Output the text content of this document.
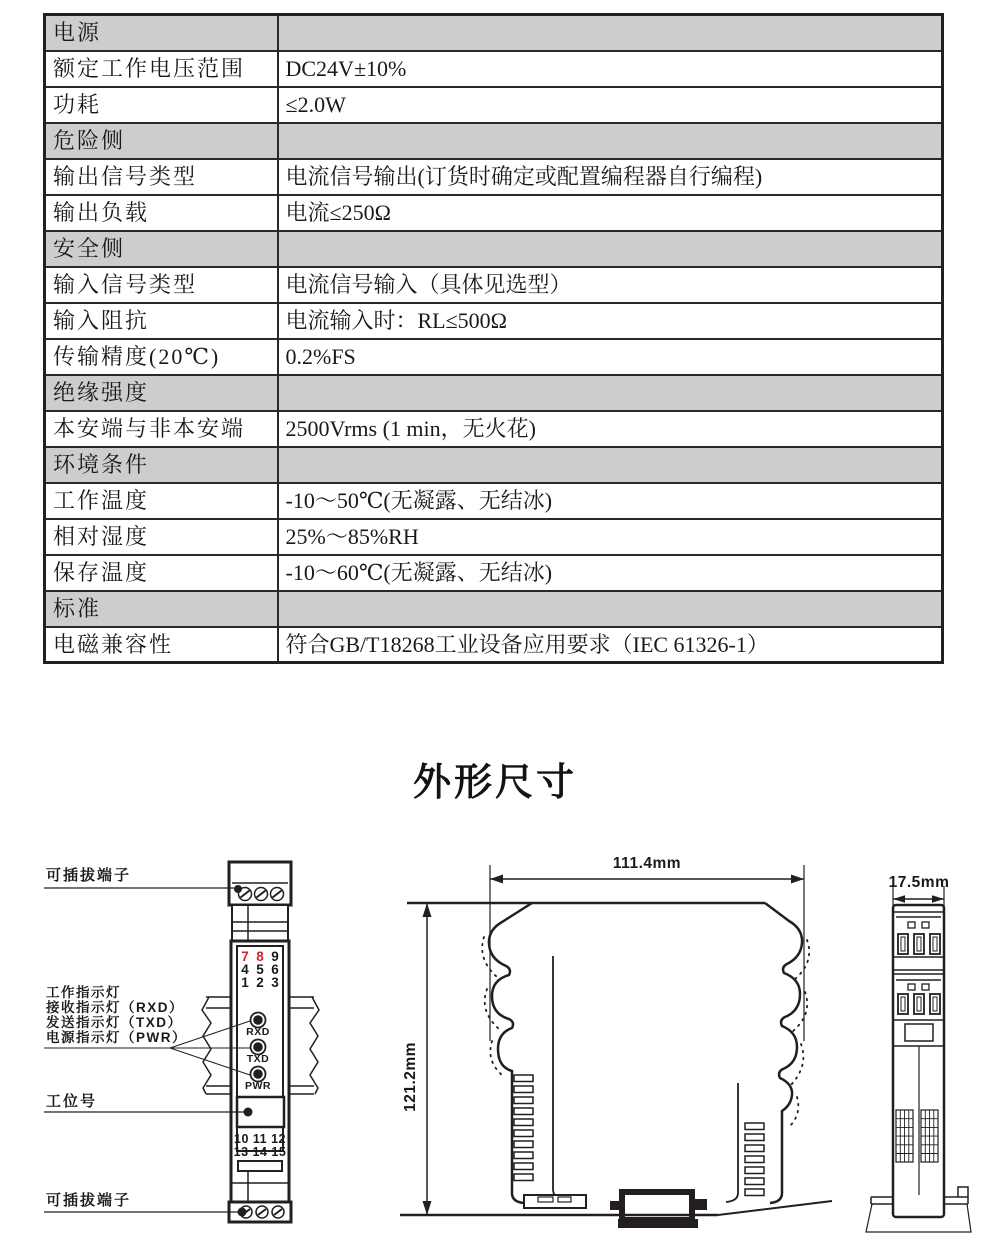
电源	
额定工作电压范围	DC24V±10%
功耗	≤2.0W
危险侧	
输出信号类型	电流信号输出(订货时确定或配置编程器自行编程)
输出负载	电流≤250Ω
安全侧	
输入信号类型	电流信号输入（具体见选型）
输入阻抗	电流输入时：RL≤500Ω
传输精度(20℃)	0.2%FS
绝缘强度	
本安端与非本安端	2500Vrms (1 min，无火花)
环境条件	
工作温度	-10～50℃(无凝露、无结冰)
相对湿度	25%～85%RH
保存温度	-10～60℃(无凝露、无结冰)
标准	
电磁兼容性	符合GB/T18268工业设备应用要求（IEC 61326-1）
外形尺寸
7 8 9
4 5 6
1 2 3
RXD
TXD
PWR
10 11 12
13 14 15
可插拔端子
工作指示灯
接收指示灯（RXD）
发送指示灯（TXD）
电源指示灯（PWR）
工位号
可插拔端子
111.4mm
121.2mm
17.5mm
